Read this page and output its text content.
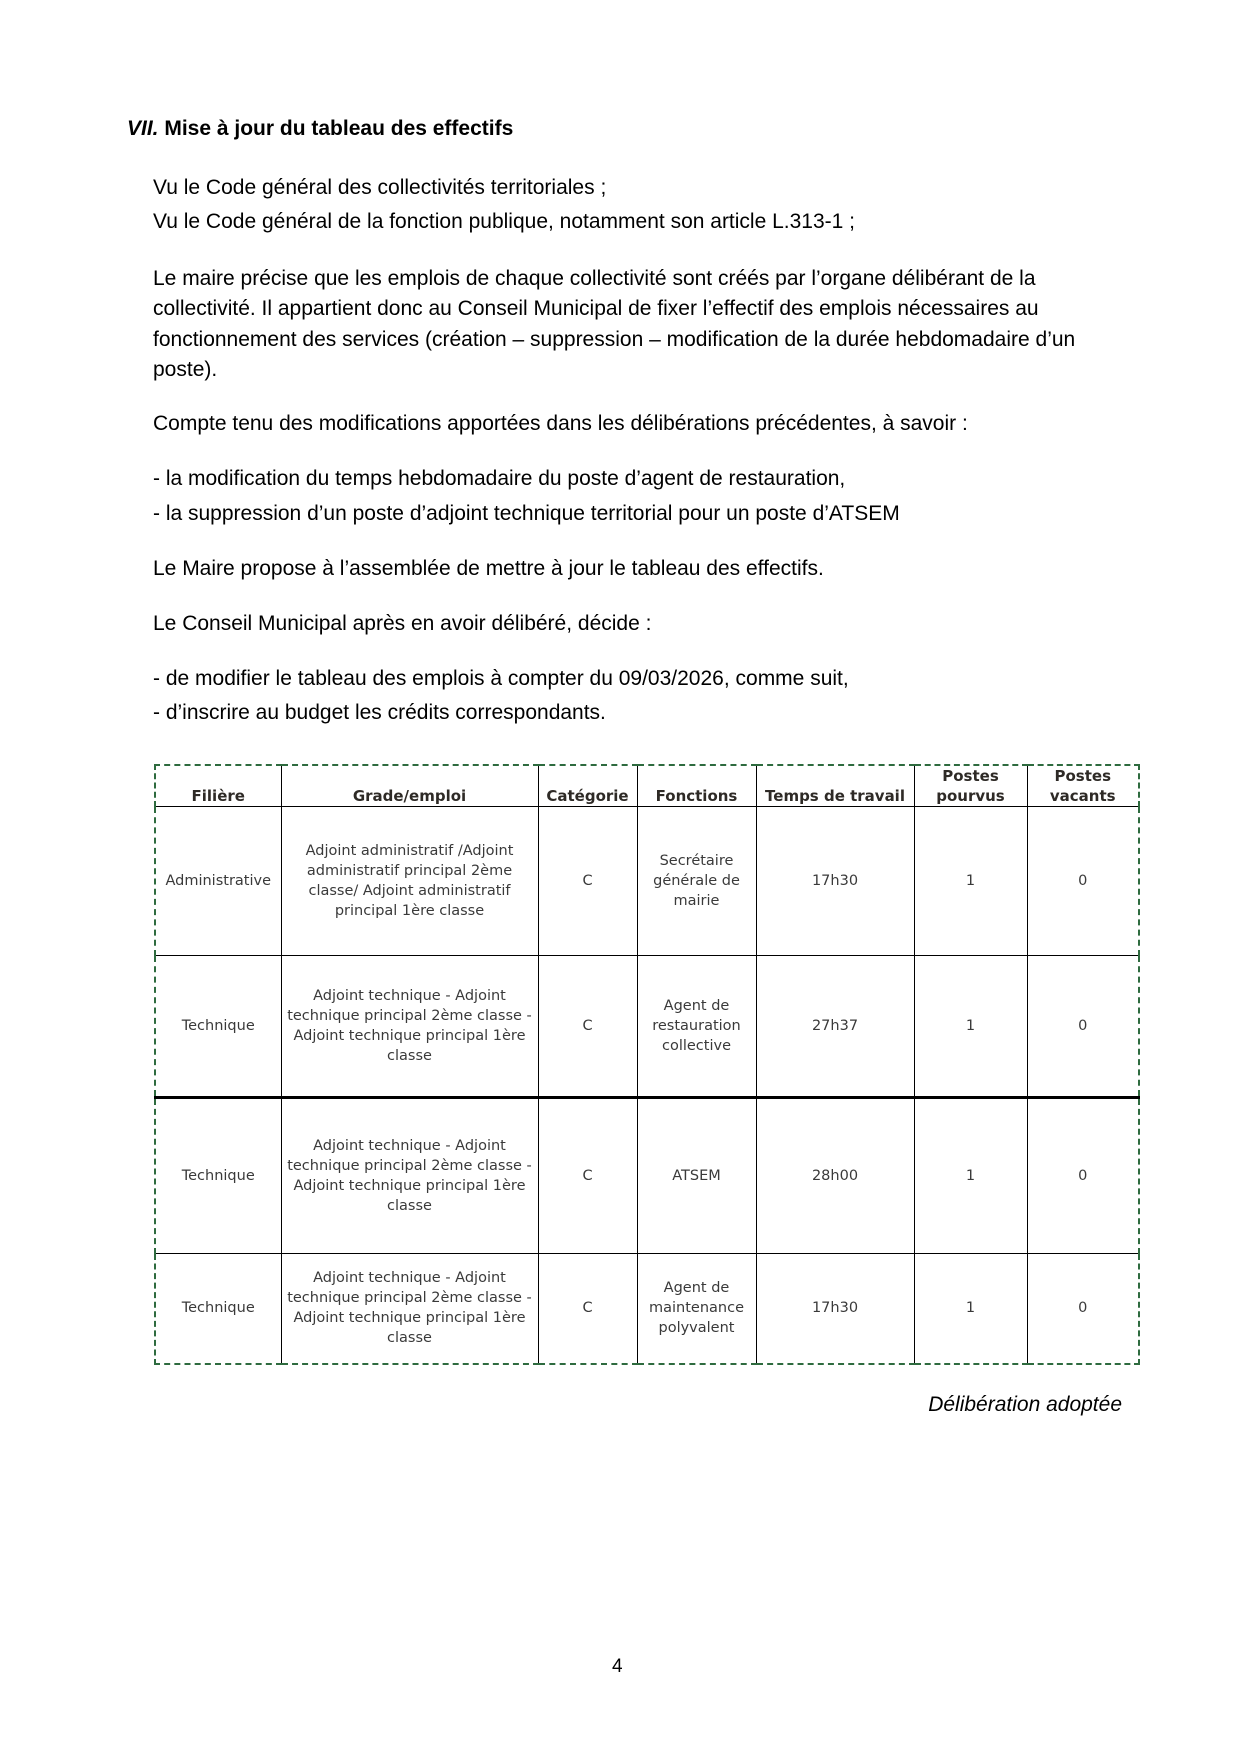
VII. Mise à jour du tableau des effectifs
Vu le Code général des collectivités territoriales ;
Vu le Code général de la fonction publique, notamment son article L.313-1 ;
Le maire précise que les emplois de chaque collectivité sont créés par l’organe délibérant de la collectivité. Il appartient donc au Conseil Municipal de fixer l’effectif des emplois nécessaires au fonctionnement des services (création – suppression – modification de la durée hebdomadaire d’un poste).
Compte tenu des modifications apportées dans les délibérations précédentes, à savoir :
- la modification du temps hebdomadaire du poste d’agent de restauration,
- la suppression d’un poste d’adjoint technique territorial pour un poste d’ATSEM
Le Maire propose à l’assemblée de mettre à jour le tableau des effectifs.
Le Conseil Municipal après en avoir délibéré, décide :
- de modifier le tableau des emplois à compter du 09/03/2026, comme suit,
- d’inscrire au budget les crédits correspondants.
Filière	Grade/emploi	Catégorie	Fonctions	Temps de travail	Postes pourvus	Postes vacants
Administrative	Adjoint administratif /Adjoint administratif principal 2ème classe/ Adjoint administratif principal 1ère classe	C	Secrétaire générale de mairie	17h30	1	0
Technique	Adjoint technique - Adjoint technique principal 2ème classe - Adjoint technique principal 1ère classe	C	Agent de restauration collective	27h37	1	0
Technique	Adjoint technique - Adjoint technique principal 2ème classe - Adjoint technique principal 1ère classe	C	ATSEM	28h00	1	0
Technique	Adjoint technique - Adjoint technique principal 2ème classe - Adjoint technique principal 1ère classe	C	Agent de maintenance polyvalent	17h30	1	0
Délibération adoptée
4
